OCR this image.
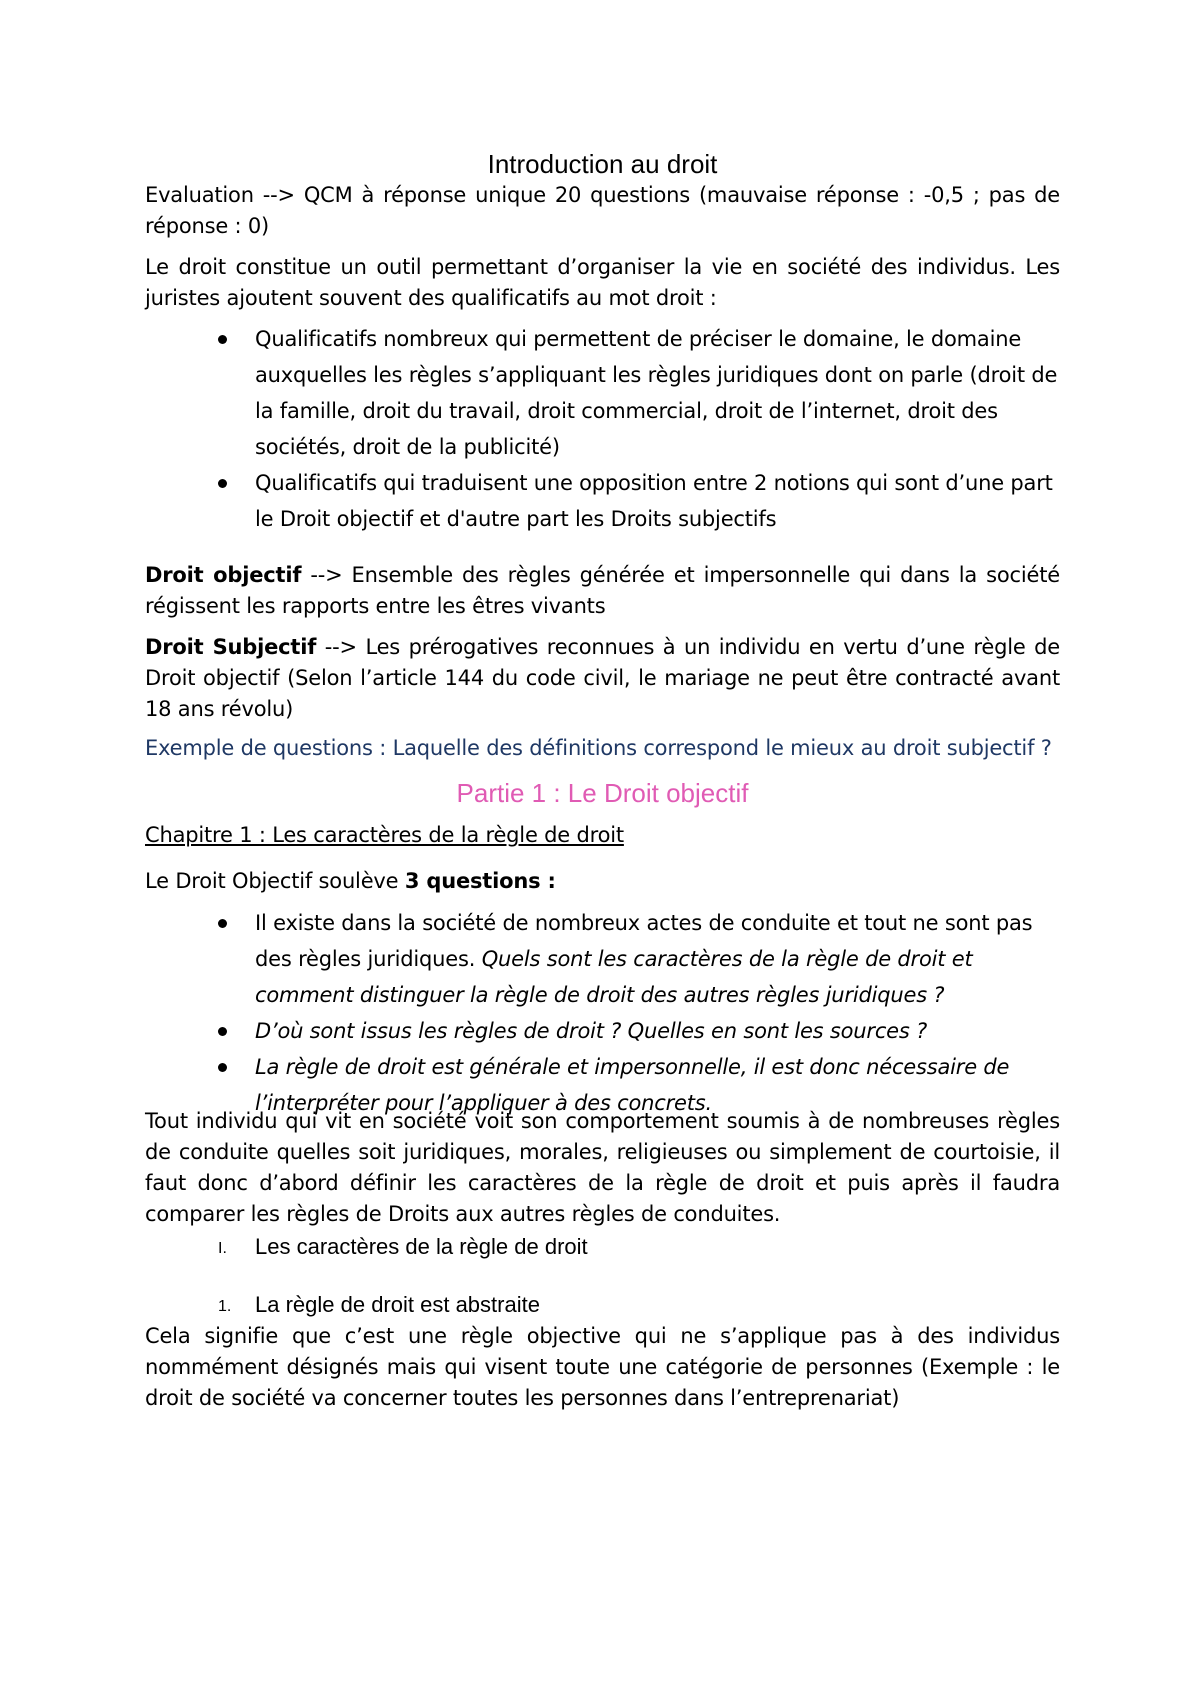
Introduction au droit

Evaluation --> QCM à réponse unique 20 questions (mauvaise réponse : -0,5 ; pas de réponse : 0)

Le droit constitue un outil permettant d’organiser la vie en société des individus. Les juristes ajoutent souvent des qualificatifs au mot droit :

Qualificatifs nombreux qui permettent de préciser le domaine, le domaine auxquelles les règles s’appliquant les règles juridiques dont on parle (droit de la famille, droit du travail, droit commercial, droit de l’internet, droit des sociétés, droit de la publicité)
Qualificatifs qui traduisent une opposition entre 2 notions qui sont d’une part le Droit objectif et d'autre part les Droits subjectifs

Droit objectif --> Ensemble des règles générée et impersonnelle qui dans la société régissent les rapports entre les êtres vivants

Droit Subjectif --> Les prérogatives reconnues à un individu en vertu d’une règle de Droit objectif (Selon l’article 144 du code civil, le mariage ne peut être contracté avant 18 ans révolu)

Exemple de questions : Laquelle des définitions correspond le mieux au droit subjectif ?

Partie 1 : Le Droit objectif

Chapitre 1 : Les caractères de la règle de droit

Le Droit Objectif soulève 3 questions :

Il existe dans la société de nombreux actes de conduite et tout ne sont pas des règles juridiques. Quels sont les caractères de la règle de droit et comment distinguer la règle de droit des autres règles juridiques ?
D’où sont issus les règles de droit ? Quelles en sont les sources ?
La règle de droit est générale et impersonnelle, il est donc nécessaire de l’interpréter pour l’appliquer à des concrets.

Tout individu qui vit en société voit son comportement soumis à de nombreuses règles de conduite quelles soit juridiques, morales, religieuses ou simplement de courtoisie, il faut donc d’abord définir les caractères de la règle de droit et puis après il faudra comparer les règles de Droits aux autres règles de conduites.

I. Les caractères de la règle de droit
1. La règle de droit est abstraite

Cela signifie que c’est une règle objective qui ne s’applique pas à des individus nommément désignés mais qui visent toute une catégorie de personnes (Exemple : le droit de société va concerner toutes les personnes dans l’entreprenariat)
